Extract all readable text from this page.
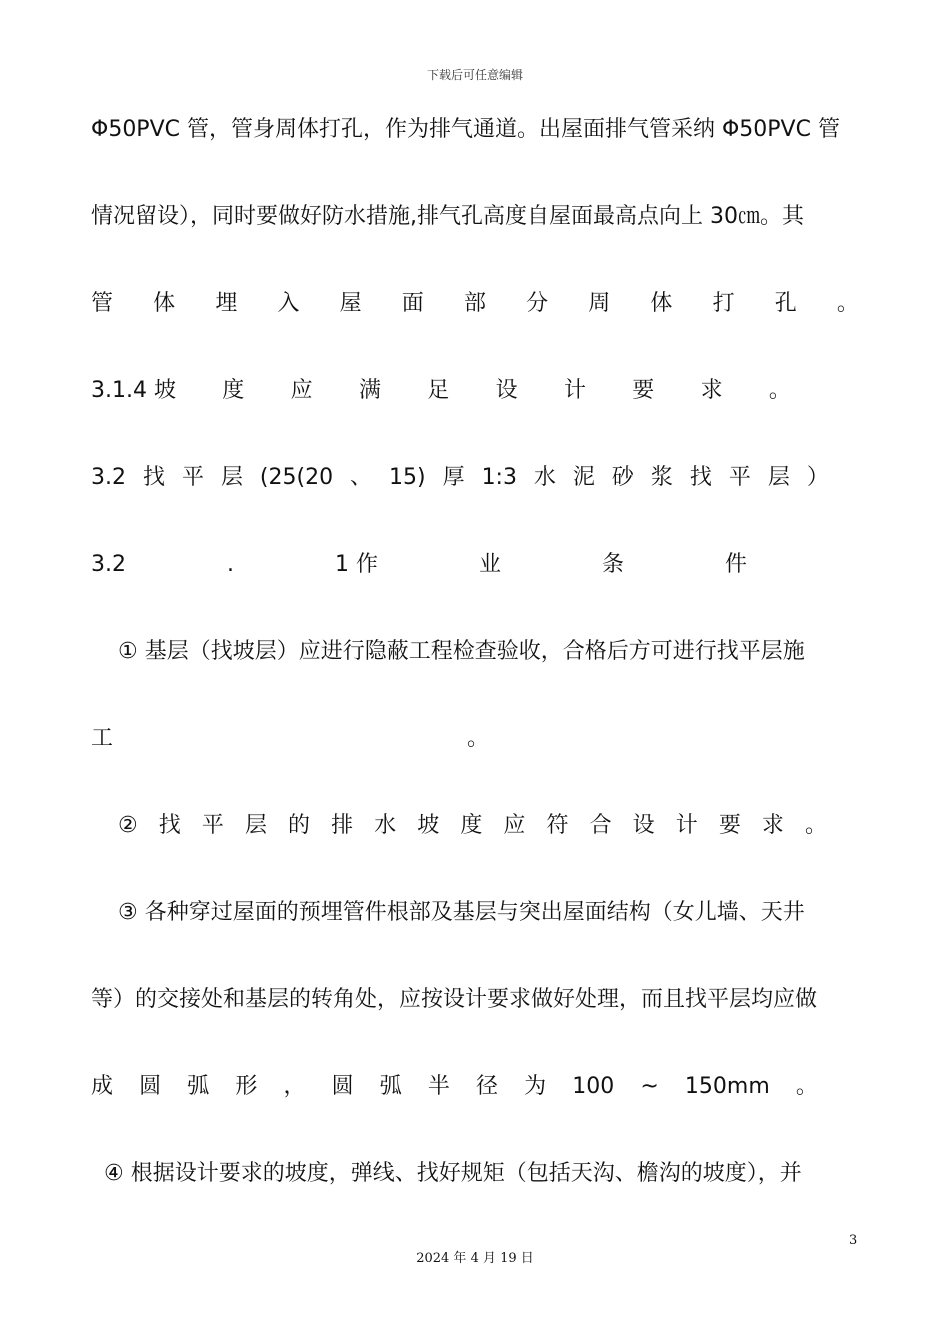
下载后可任意编辑
Φ50PVC 管，管身周体打孔，作为排气通道。出屋面排气管采纳 Φ50PVC 管
情况留设），同时要做好防水措施,排气孔高度自屋面最高点向上 30㎝。其
管 体 埋 入 屋 面 部 分 周 体 打 孔 。
3.1.4 坡 度 应 满 足 设 计 要 求 。
3.2 找 平 层 (25(20 、 15) 厚 1:3 水 泥 砂 浆 找 平 层 ）
3.2	.	1 作	业	条	件
① 基层（找坡层）应进行隐蔽工程检查验收，合格后方可进行找平层施
工	。
② 找 平 层 的 排 水 坡 度 应 符 合 设 计 要 求 。
③ 各种穿过屋面的预埋管件根部及基层与突出屋面结构（女儿墙、天井
等）的交接处和基层的转角处，应按设计要求做好处理，而且找平层均应做
成 圆 弧 形 ， 圆 弧 半 径 为 100 ~ 150mm 。
④ 根据设计要求的坡度，弹线、找好规矩（包括天沟、檐沟的坡度），并
3
2024 年 4 月 19 日
